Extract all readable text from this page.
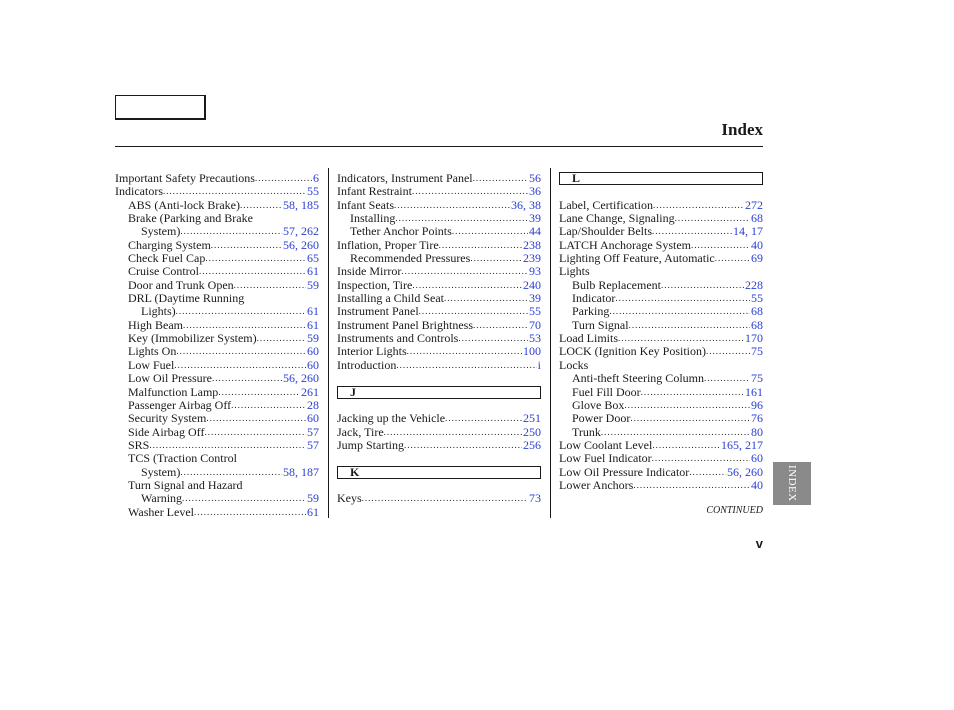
Index
Important Safety Precautions .....	6
Indicators .....	55
ABS (Anti-lock Brake) .....	58, 185
Brake (Parking and Brake
System) .....	57, 262
Charging System .....	56, 260
Check Fuel Cap .....	65
Cruise Control .....	61
Door and Trunk Open .....	59
DRL (Daytime Running
Lights) .....	61
High Beam .....	61
Key (Immobilizer System) .....	59
Lights On .....	60
Low Fuel .....	60
Low Oil Pressure .....	56, 260
Malfunction Lamp .....	261
Passenger Airbag Off .....	28
Security System .....	60
Side Airbag Off .....	57
SRS .....	57
TCS (Traction Control
System) .....	58, 187
Turn Signal and Hazard
Warning .....	59
Washer Level .....	61
Indicators, Instrument Panel .....	56
Infant Restraint .....	36
Infant Seats .....	36, 38
Installing .....	39
Tether Anchor Points .....	44
Inflation, Proper Tire .....	238
Recommended Pressures .....	239
Inside Mirror .....	93
Inspection, Tire .....	240
Installing a Child Seat .....	39
Instrument Panel .....	55
Instrument Panel Brightness .....	70
Instruments and Controls .....	53
Interior Lights .....	100
Introduction .....	i
J
Jacking up the Vehicle .....	251
Jack, Tire .....	250
Jump Starting .....	256
K
Keys .....	73
L
Label, Certification .....	272
Lane Change, Signaling .....	68
Lap/Shoulder Belts .....	14, 17
LATCH Anchorage System .....	40
Lighting Off Feature, Automatic .....	69
Lights
Bulb Replacement .....	228
Indicator .....	55
Parking .....	68
Turn Signal .....	68
Load Limits .....	170
LOCK (Ignition Key Position) .....	75
Locks
Anti-theft Steering Column .....	75
Fuel Fill Door .....	161
Glove Box .....	96
Power Door .....	76
Trunk .....	80
Low Coolant Level .....	165, 217
Low Fuel Indicator .....	60
Low Oil Pressure Indicator .....	56, 260
Lower Anchors .....	40
CONTINUED
v
INDEX
